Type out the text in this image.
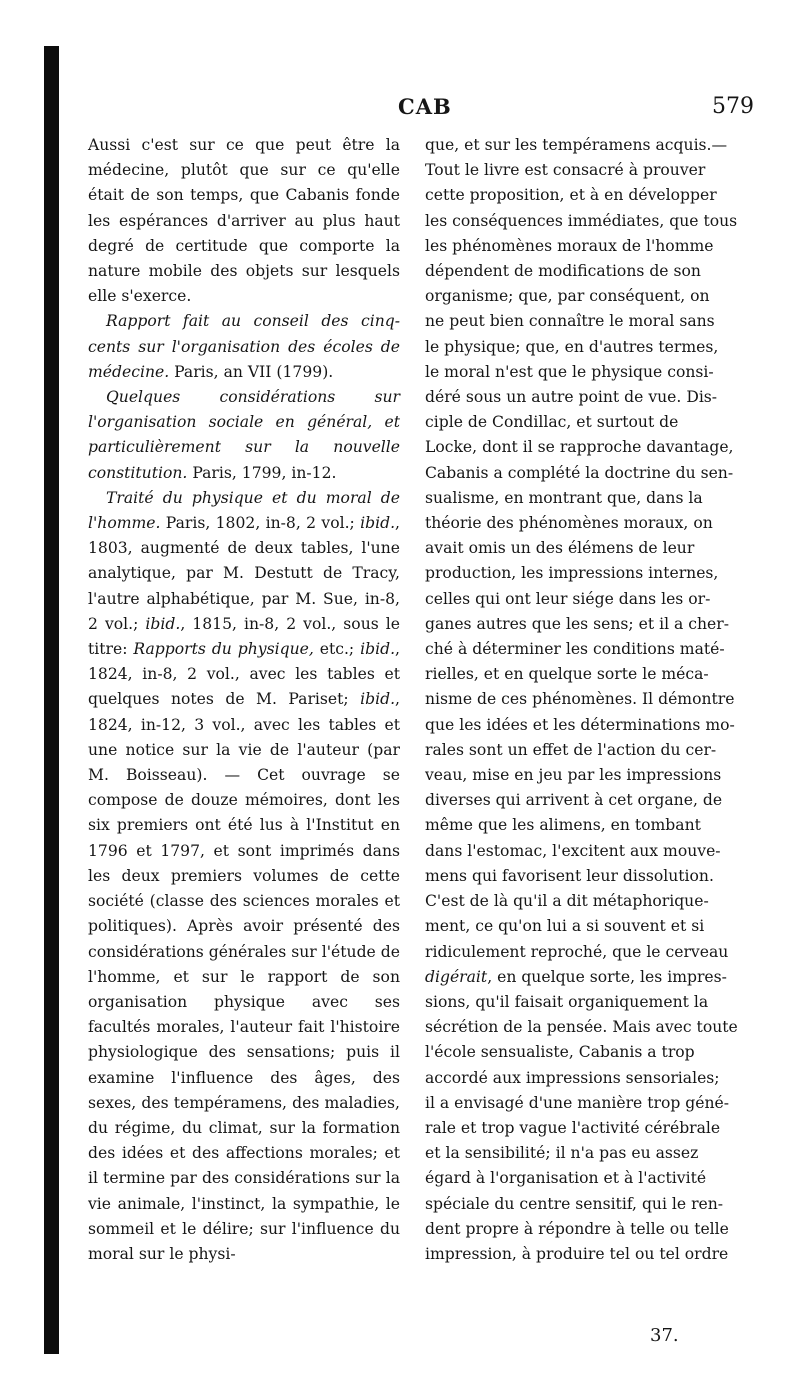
CAB	579

Aussi c'est sur ce que peut être la médecine, plutôt que sur ce qu'elle était de son temps, que Cabanis fonde les espérances d'arriver au plus haut degré de certitude que comporte la nature mobile des objets sur lesquels elle s'exerce.

Rapport fait au conseil des cinq-cents sur l'organisation des écoles de médecine. Paris, an VII (1799).

Quelques considérations sur l'organisation sociale en général, et particulièrement sur la nouvelle constitution. Paris, 1799, in-12.

Traité du physique et du moral de l'homme. Paris, 1802, in-8, 2 vol.; ibid., 1803, augmenté de deux tables, l'une analytique, par M. Destutt de Tracy, l'autre alphabétique, par M. Sue, in-8, 2 vol.; ibid., 1815, in-8, 2 vol., sous le titre: Rapports du physique, etc.; ibid., 1824, in-8, 2 vol., avec les tables et quelques notes de M. Pariset; ibid., 1824, in-12, 3 vol., avec les tables et une notice sur la vie de l'auteur (par M. Boisseau). — Cet ouvrage se compose de douze mémoires, dont les six premiers ont été lus à l'Institut en 1796 et 1797, et sont imprimés dans les deux premiers volumes de cette société (classe des sciences morales et politiques). Après avoir présenté des considérations générales sur l'étude de l'homme, et sur le rapport de son organisation physique avec ses facultés morales, l'auteur fait l'histoire physiologique des sensations; puis il examine l'influence des âges, des sexes, des tempéramens, des maladies, du régime, du climat, sur la formation des idées et des affections morales; et il termine par des considérations sur la vie animale, l'instinct, la sympathie, le sommeil et le délire; sur l'influence du moral sur le physi-

que, et sur les tempéramens acquis.—
Tout le livre est consacré à prouver
cette proposition, et à en développer
les conséquences immédiates, que tous
les phénomènes moraux de l'homme
dépendent de modifications de son
organisme; que, par conséquent, on
ne peut bien connaître le moral sans
le physique; que, en d'autres termes,
le moral n'est que le physique consi-
déré sous un autre point de vue. Dis-
ciple de Condillac, et surtout de
Locke, dont il se rapproche davantage,
Cabanis a complété la doctrine du sen-
sualisme, en montrant que, dans la
théorie des phénomènes moraux, on
avait omis un des élémens de leur
production, les impressions internes,
celles qui ont leur siége dans les or-
ganes autres que les sens; et il a cher-
ché à déterminer les conditions maté-
rielles, et en quelque sorte le méca-
nisme de ces phénomènes. Il démontre
que les idées et les déterminations mo-
rales sont un effet de l'action du cer-
veau, mise en jeu par les impressions
diverses qui arrivent à cet organe, de
même que les alimens, en tombant
dans l'estomac, l'excitent aux mouve-
mens qui favorisent leur dissolution.
C'est de là qu'il a dit métaphorique-
ment, ce qu'on lui a si souvent et si
ridiculement reproché, que le cerveau
digérait, en quelque sorte, les impres-
sions, qu'il faisait organiquement la
sécrétion de la pensée. Mais avec toute
l'école sensualiste, Cabanis a trop
accordé aux impressions sensoriales;
il a envisagé d'une manière trop géné-
rale et trop vague l'activité cérébrale
et la sensibilité; il n'a pas eu assez
égard à l'organisation et à l'activité
spéciale du centre sensitif, qui le ren-
dent propre à répondre à telle ou telle
impression, à produire tel ou tel ordre
37.
